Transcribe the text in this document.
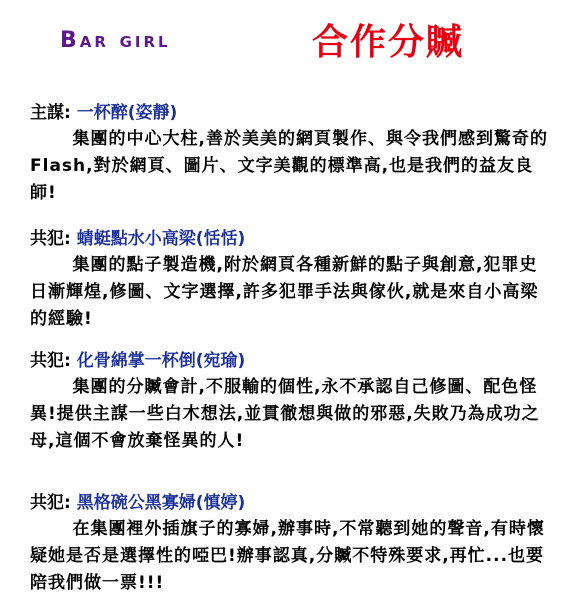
Bar girl	合作分贓

主謀: 一杯醉(姿靜)

集團的中心大柱,善於美美的網頁製作、與令我們感到驚奇的Flash,對於網頁、圖片、文字美觀的標準高,也是我們的益友良師!

共犯: 蜻蜓點水小高梁(恬恬)

集團的點子製造機,附於網頁各種新鮮的點子與創意,犯罪史日漸輝煌,修圖、文字選擇,許多犯罪手法與傢伙,就是來自小高梁的經驗!

共犯: 化骨綿掌一杯倒(宛瑜)

集團的分贓會計,不服輸的個性,永不承認自己修圖、配色怪異!提供主謀一些白木想法,並貫徹想與做的邪惡,失敗乃為成功之母,這個不會放棄怪異的人!

共犯: 黑格碗公黑寡婦(慎婷)

在集團裡外插旗子的寡婦,辦事時,不常聽到她的聲音,有時懷疑她是否是選擇性的啞巴!辦事認真,分贓不特殊要求,再忙...也要陪我們做一票!!!
